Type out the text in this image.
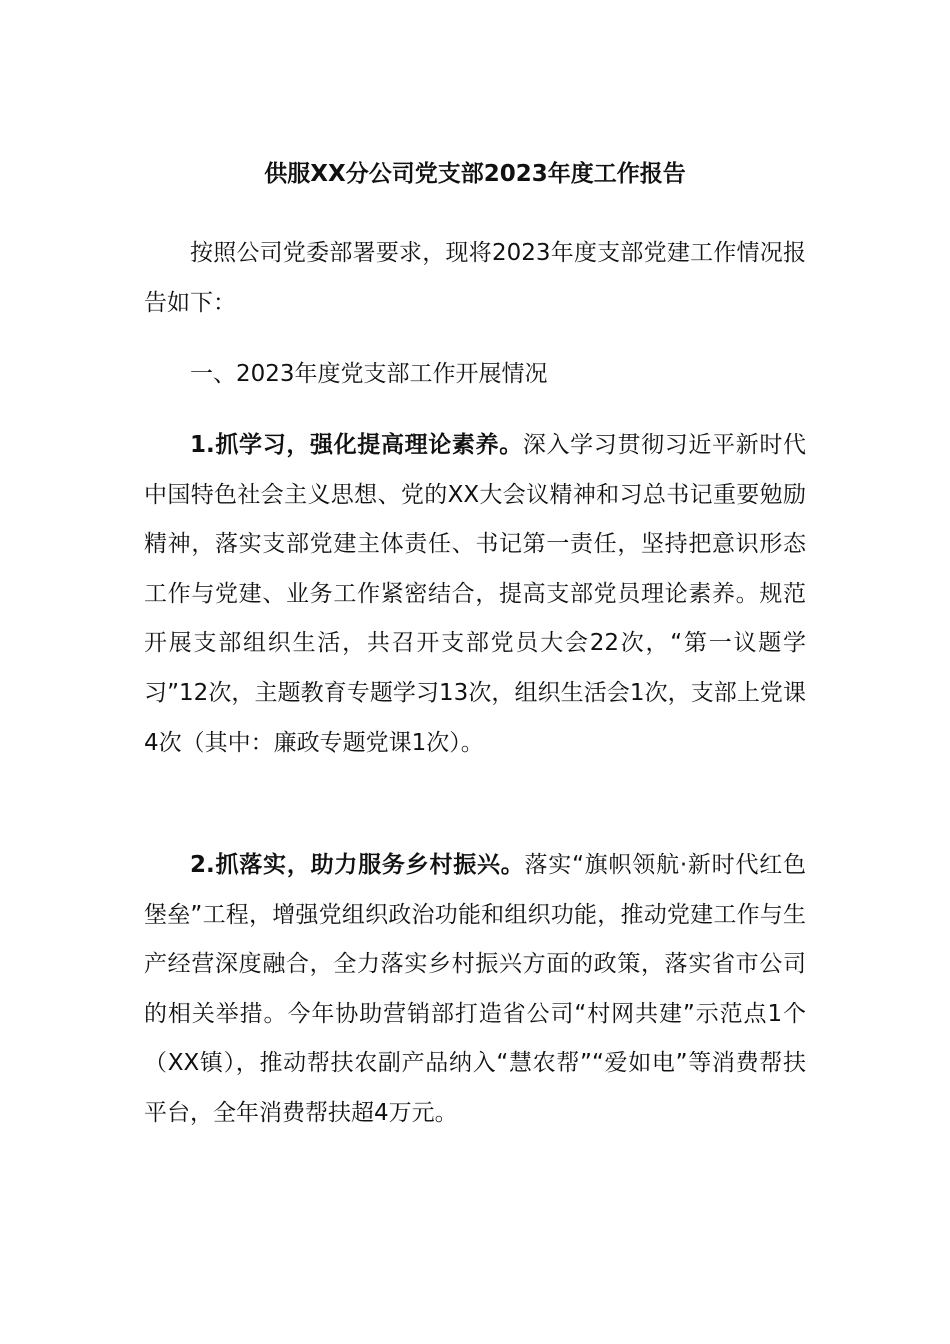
供服XX分公司党支部2023年度工作报告

按照公司党委部署要求，现将2023年度支部党建工作情况报告如下：

一、2023年度党支部工作开展情况

1.抓学习，强化提高理论素养。深入学习贯彻习近平新时代中国特色社会主义思想、党的XX大会议精神和习总书记重要勉励精神，落实支部党建主体责任、书记第一责任，坚持把意识形态工作与党建、业务工作紧密结合，提高支部党员理论素养。规范开展支部组织生活，共召开支部党员大会22次，“第一议题学习”12次，主题教育专题学习13次，组织生活会1次，支部上党课4次（其中：廉政专题党课1次）。

2.抓落实，助力服务乡村振兴。落实“旗帜领航·新时代红色堡垒”工程，增强党组织政治功能和组织功能，推动党建工作与生产经营深度融合，全力落实乡村振兴方面的政策，落实省市公司的相关举措。今年协助营销部打造省公司“村网共建”示范点1个（XX镇），推动帮扶农副产品纳入“慧农帮”“爱如电”等消费帮扶平台，全年消费帮扶超4万元。
